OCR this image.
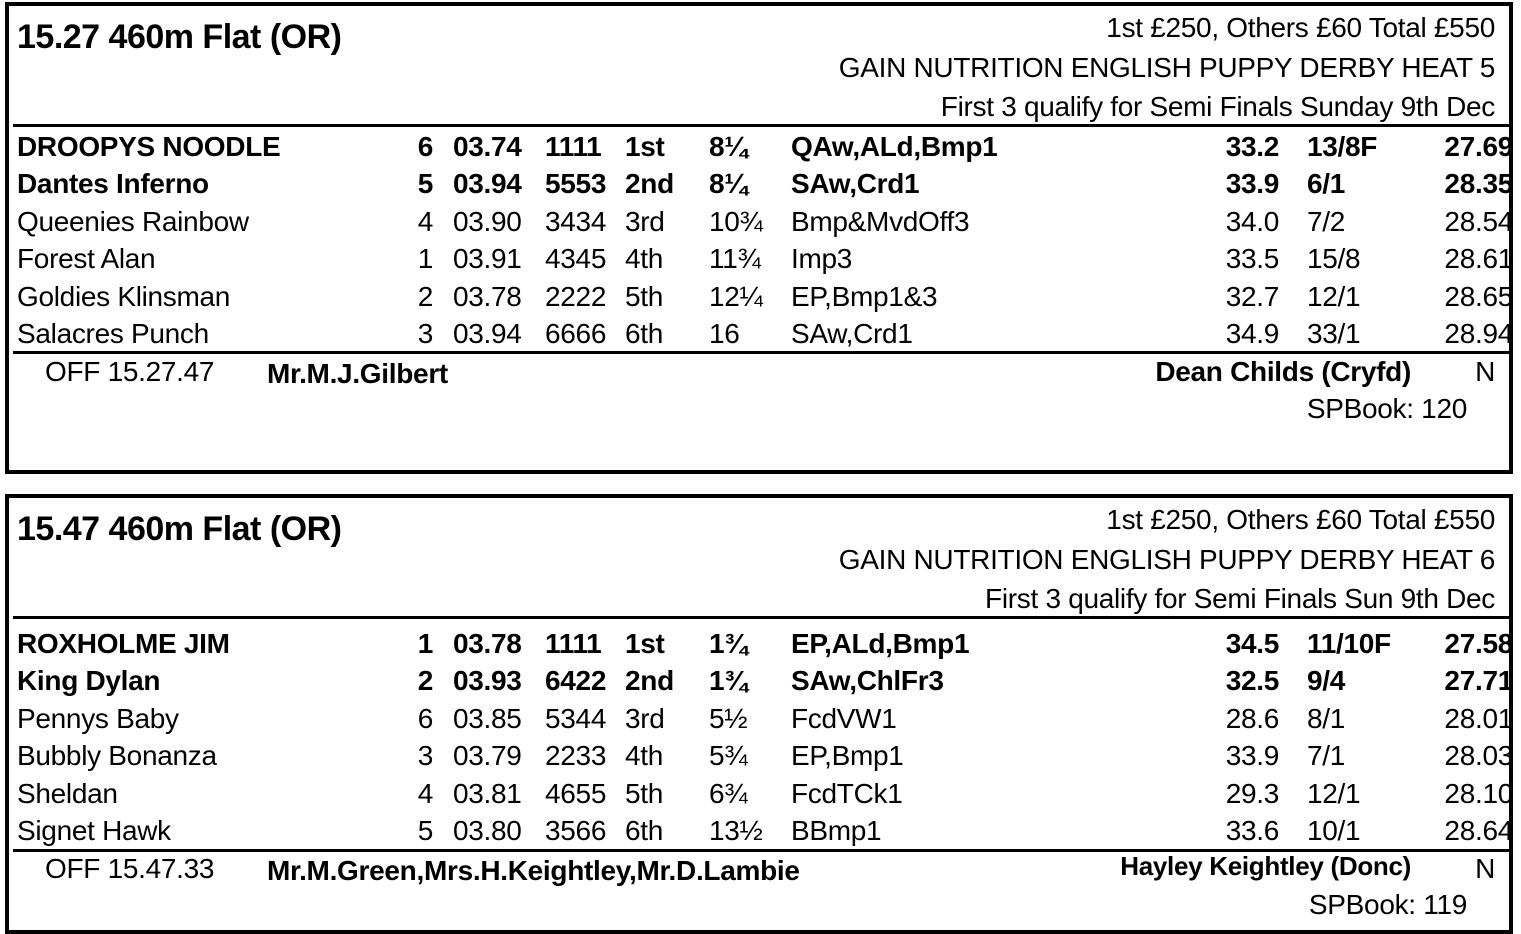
15.27 460m Flat (OR)	1st £250, Others £60 Total £550
GAIN NUTRITION ENGLISH PUPPY DERBY HEAT 5
First 3 qualify for Semi Finals Sunday 9th Dec
DROOPYS NOODLE	6 03.74 1111 1st 8¼ QAw,ALd,Bmp1	33.2 13/8F	27.69
Dantes Inferno	5 03.94 5553 2nd 8¼ SAw,Crd1	33.9 6/1	28.35
Queenies Rainbow	4 03.90 3434 3rd 10¾ Bmp&MvdOff3	34.0 7/2	28.54
Forest Alan	1 03.91 4345 4th 11¾ Imp3	33.5 15/8	28.61
Goldies Klinsman	2 03.78 2222 5th 12¼ EP,Bmp1&3	32.7 12/1	28.65
Salacres Punch	3 03.94 6666 6th 16 SAw,Crd1	34.9 33/1	28.94
OFF 15.27.47 Mr.M.J.Gilbert	Dean Childs (Cryfd) N
SPBook: 120
15.47 460m Flat (OR)	1st £250, Others £60 Total £550
GAIN NUTRITION ENGLISH PUPPY DERBY HEAT 6
First 3 qualify for Semi Finals Sun 9th Dec
ROXHOLME JIM	1 03.78 1111 1st 1¾ EP,ALd,Bmp1	34.5 11/10F	27.58
King Dylan	2 03.93 6422 2nd 1¾ SAw,ChlFr3	32.5 9/4	27.71
Pennys Baby	6 03.85 5344 3rd 5½ FcdVW1	28.6 8/1	28.01
Bubbly Bonanza	3 03.79 2233 4th 5¾ EP,Bmp1	33.9 7/1	28.03
Sheldan	4 03.81 4655 5th 6¾ FcdTCk1	29.3 12/1	28.10
Signet Hawk	5 03.80 3566 6th 13½ BBmp1	33.6 10/1	28.64
OFF 15.47.33 Mr.M.Green,Mrs.H.Keightley,Mr.D.Lambie	Hayley Keightley (Donc) N
SPBook: 119
